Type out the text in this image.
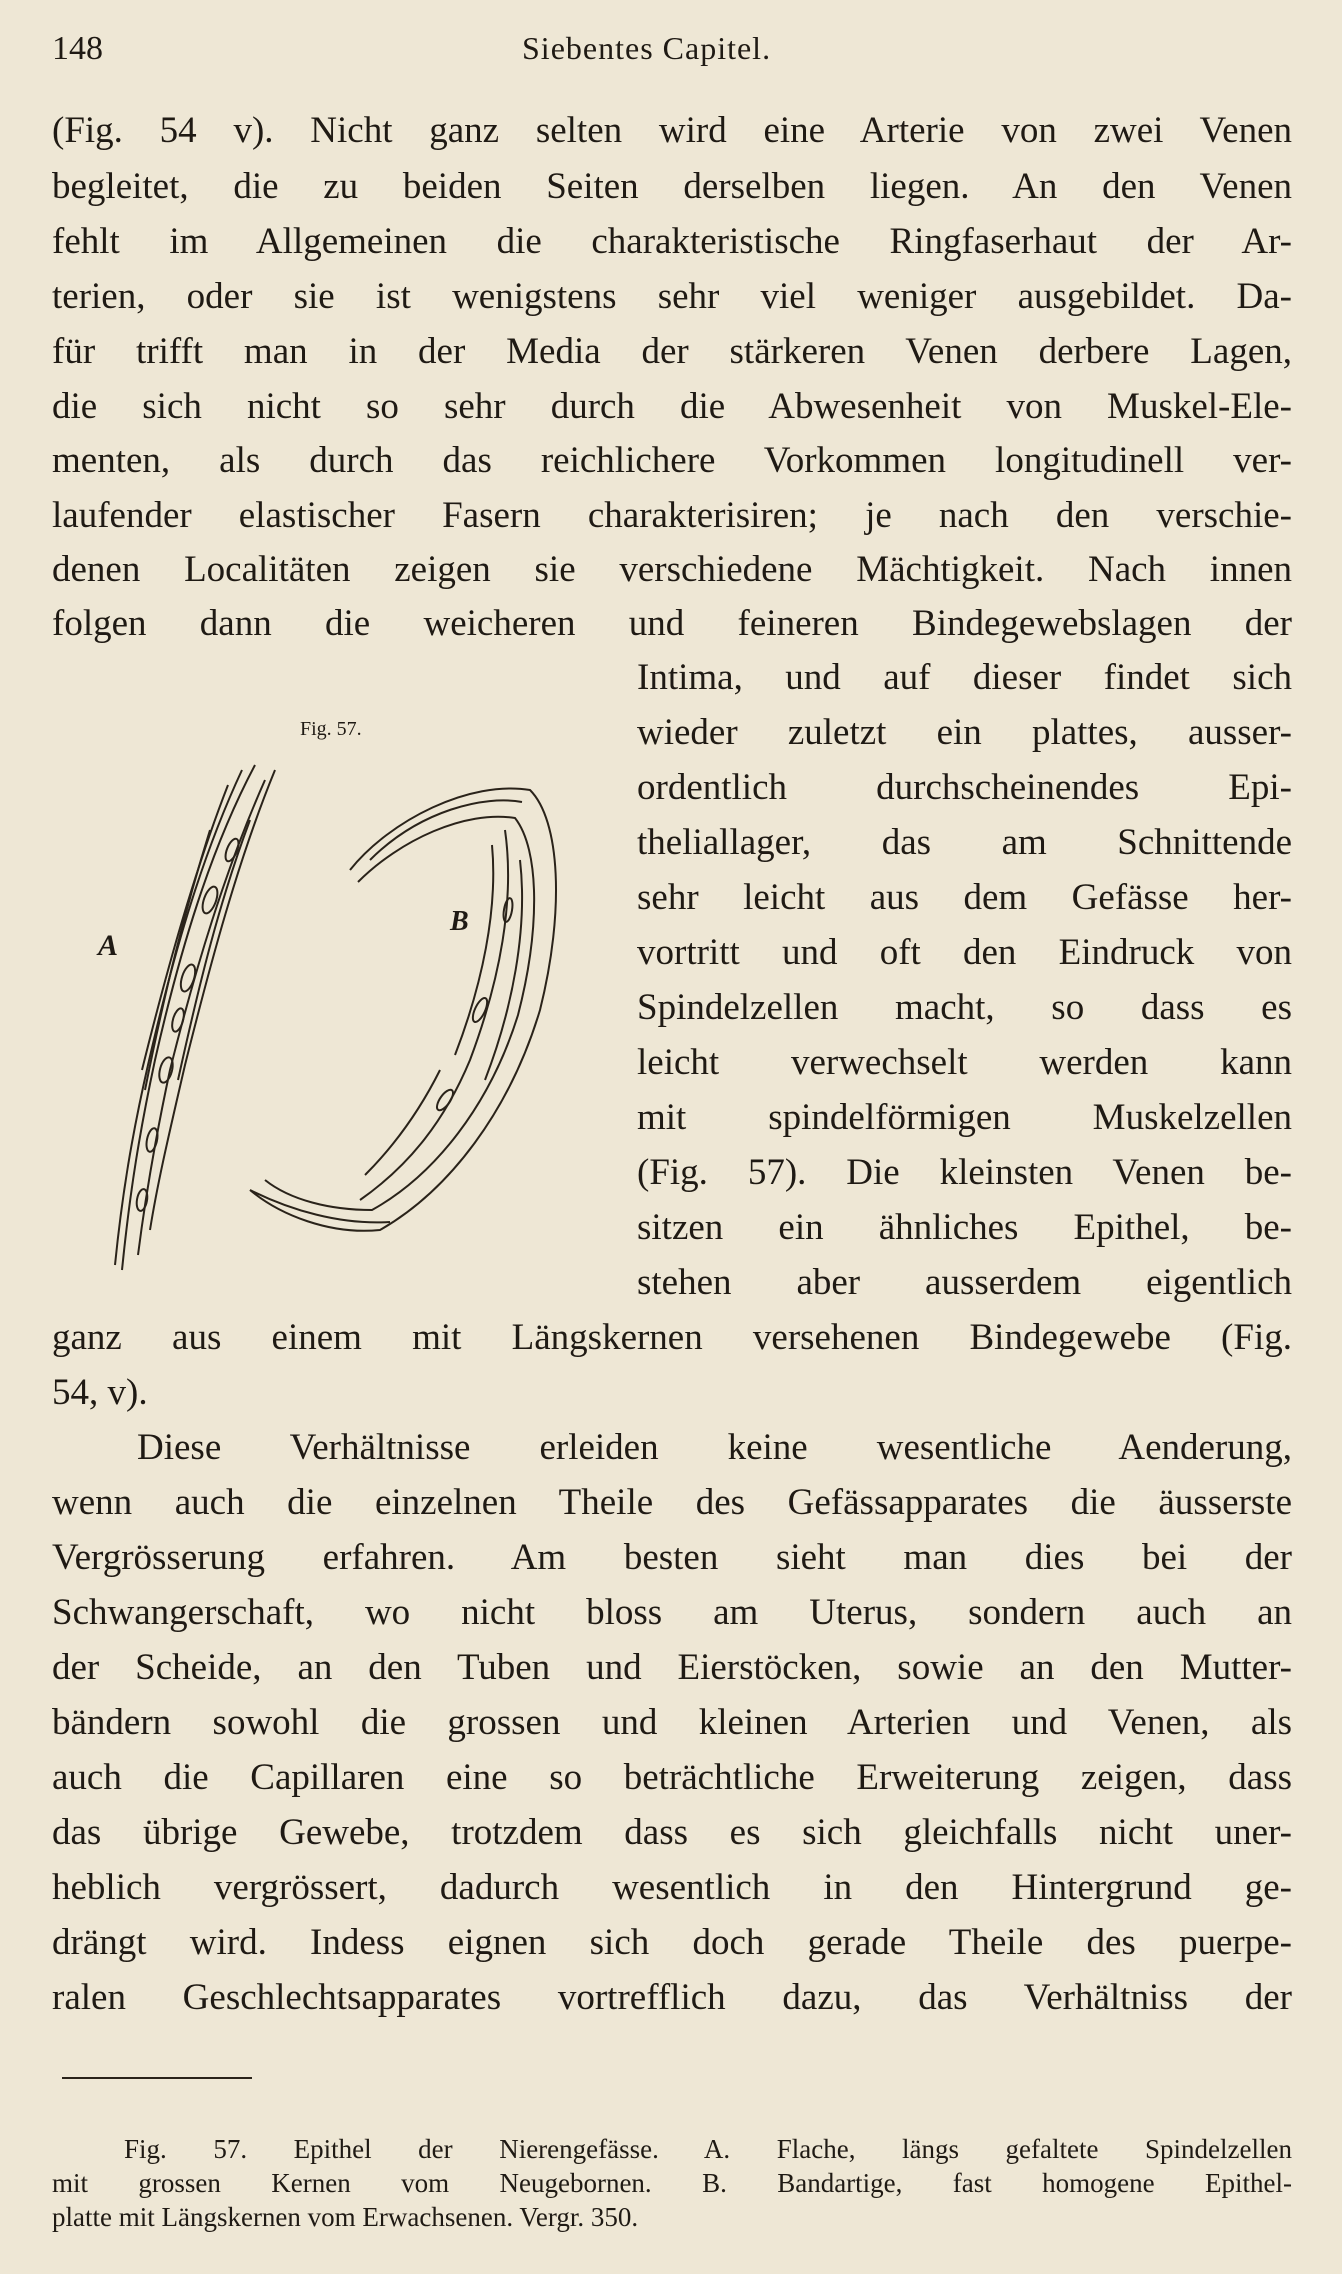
148	Siebentes Capitel.
(Fig. 54 v). Nicht ganz selten wird eine Arterie von zwei Venen
begleitet, die zu beiden Seiten derselben liegen. An den Venen
fehlt im Allgemeinen die charakteristische Ringfaserhaut der Ar-
terien, oder sie ist wenigstens sehr viel weniger ausgebildet. Da-
für trifft man in der Media der stärkeren Venen derbere Lagen,
die sich nicht so sehr durch die Abwesenheit von Muskel-Ele-
menten, als durch das reichlichere Vorkommen longitudinell ver-
laufender elastischer Fasern charakterisiren; je nach den verschie-
denen Localitäten zeigen sie verschiedene Mächtigkeit. Nach innen
folgen dann die weicheren und feineren Bindegewebslagen der
Intima, und auf dieser findet sich
wieder zuletzt ein plattes, ausser-
ordentlich durchscheinendes Epi-
theliallager, das am Schnittende
sehr leicht aus dem Gefässe her-
vortritt und oft den Eindruck von
Spindelzellen macht, so dass es
leicht verwechselt werden kann
mit spindelförmigen Muskelzellen
(Fig. 57). Die kleinsten Venen be-
sitzen ein ähnliches Epithel, be-
stehen aber ausserdem eigentlich
ganz aus einem mit Längskernen versehenen Bindegewebe (Fig.
54, v).
Diese Verhältnisse erleiden keine wesentliche Aenderung,
wenn auch die einzelnen Theile des Gefässapparates die äusserste
Vergrösserung erfahren. Am besten sieht man dies bei der
Schwangerschaft, wo nicht bloss am Uterus, sondern auch an
der Scheide, an den Tuben und Eierstöcken, sowie an den Mutter-
bändern sowohl die grossen und kleinen Arterien und Venen, als
auch die Capillaren eine so beträchtliche Erweiterung zeigen, dass
das übrige Gewebe, trotzdem dass es sich gleichfalls nicht uner-
heblich vergrössert, dadurch wesentlich in den Hintergrund ge-
drängt wird. Indess eignen sich doch gerade Theile des puerpe-
ralen Geschlechtsapparates vortrefflich dazu, das Verhältniss der
Fig. 57.
A
B
Fig. 57. Epithel der Nierengefässe. A. Flache, längs gefaltete Spindelzellen
mit grossen Kernen vom Neugebornen. B. Bandartige, fast homogene Epithel-
platte mit Längskernen vom Erwachsenen. Vergr. 350.
